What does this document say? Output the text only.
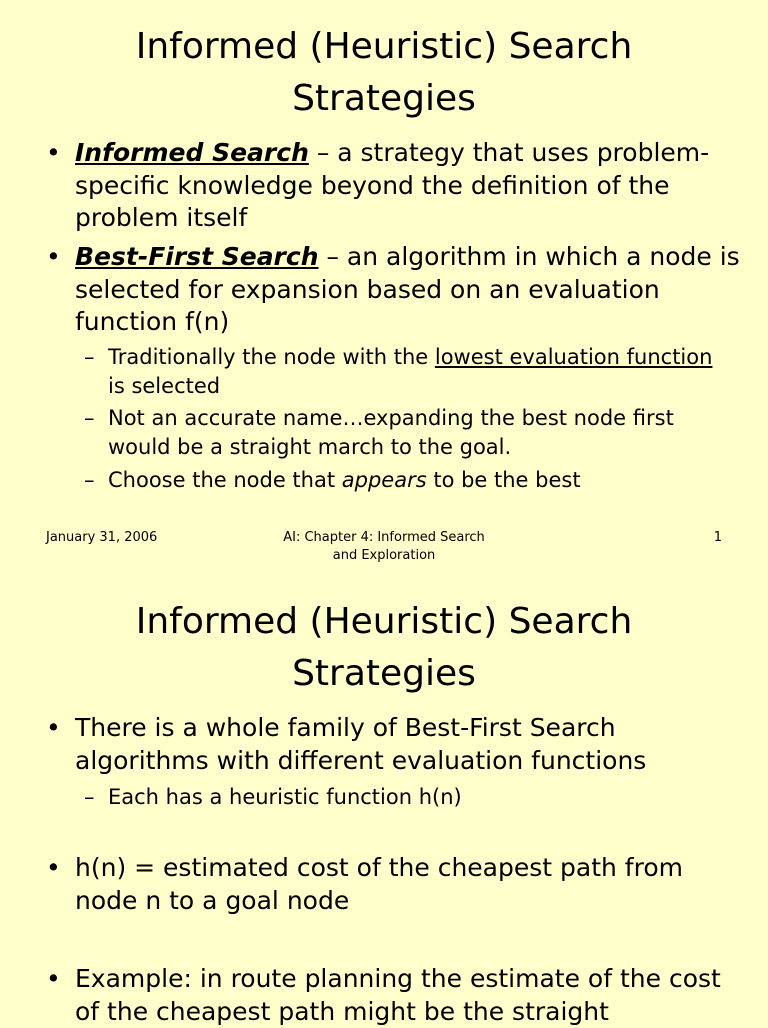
Informed (Heuristic) Search
Strategies
• Informed Search – a strategy that uses problem-specific knowledge beyond the definition of the problem itself
• Best-First Search – an algorithm in which a node is selected for expansion based on an evaluation function f(n)
– Traditionally the node with the lowest evaluation function is selected
– Not an accurate name…expanding the best node first would be a straight march to the goal.
– Choose the node that appears to be the best
January 31, 2006	AI: Chapter 4: Informed Search
and Exploration
1
Informed (Heuristic) Search
Strategies
• There is a whole family of Best-First Search algorithms with different evaluation functions
– Each has a heuristic function h(n)
• h(n) = estimated cost of the cheapest path from node n to a goal node
• Example: in route planning the estimate of the cost of the cheapest path might be the straight
